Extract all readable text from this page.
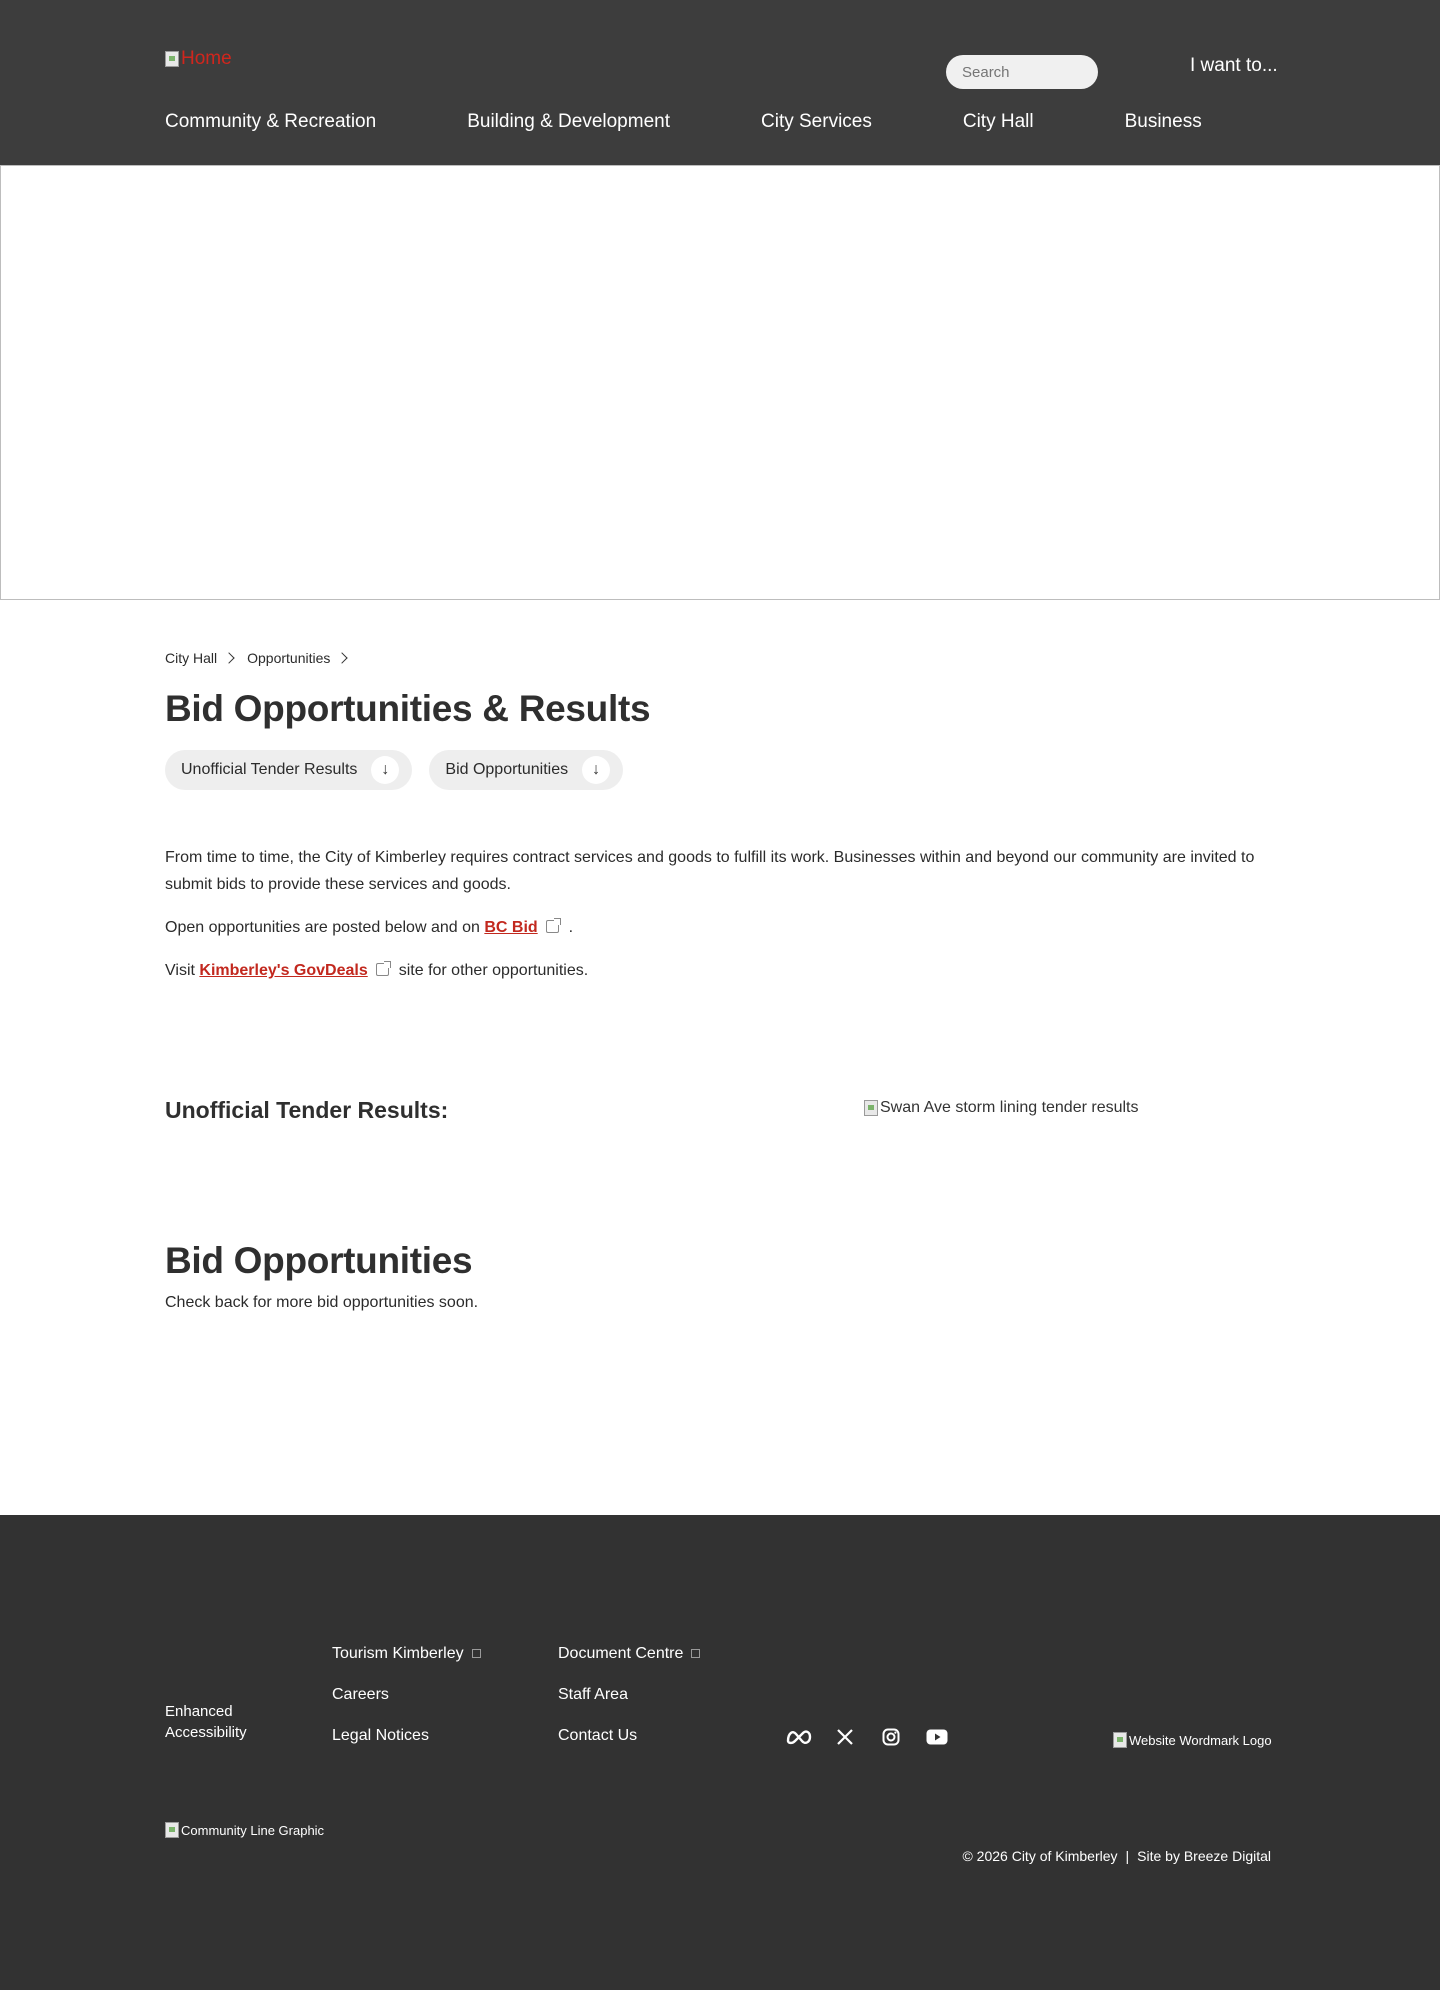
Home
Search	I want to...
Community & Recreation	Building & Development	City Services	City Hall	Business
City Hall Opportunities
Bid Opportunities & Results
Unofficial Tender Results	↓	Bid Opportunities	↓

From time to time, the City of Kimberley requires contract services and goods to fulfill its work. Businesses within and beyond our community are invited to submit bids to provide these services and goods.

Open opportunities are posted below and on BC Bid .

Visit Kimberley's GovDeals site for other opportunities.

Unofficial Tender Results:	Swan Ave storm lining tender results
Bid Opportunities

Check back for more bid opportunities soon.

Enhanced Accessibility
Tourism Kimberley
Careers
Legal Notices
Document Centre
Staff Area
Contact Us	Website Wordmark Logo
Community Line Graphic
© 2026 City of Kimberley | Site by Breeze Digital
